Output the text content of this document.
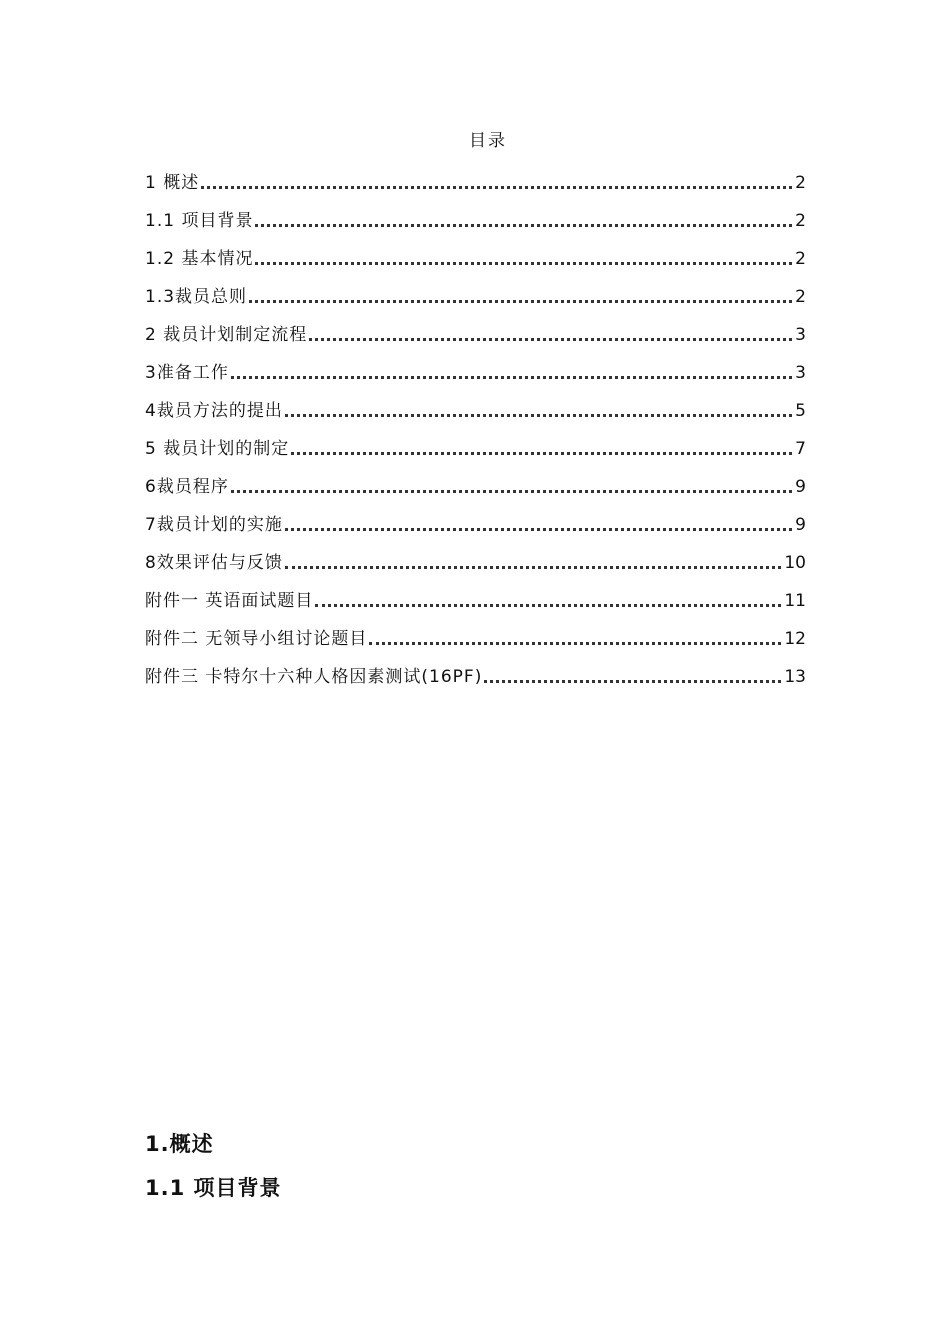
目录
1 概述	2
1.1 项目背景	2
1.2 基本情况	2
1.3裁员总则	2
2 裁员计划制定流程	3
3准备工作	3
4裁员方法的提出	5
5 裁员计划的制定	7
6裁员程序	9
7裁员计划的实施	9
8效果评估与反馈	10
附件一 英语面试题目	11
附件二 无领导小组讨论题目	12
附件三 卡特尔十六种人格因素测试(16PF)	13
1.概述
1.1 项目背景
